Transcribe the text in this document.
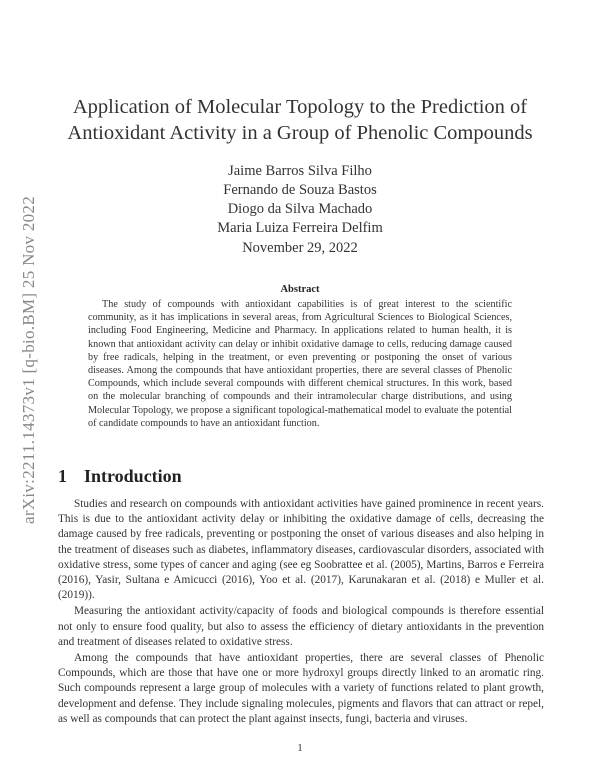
arXiv:2211.14373v1 [q-bio.BM] 25 Nov 2022
Application of Molecular Topology to the Prediction of Antioxidant Activity in a Group of Phenolic Compounds
Jaime Barros Silva Filho
Fernando de Souza Bastos
Diogo da Silva Machado
Maria Luiza Ferreira Delfim
November 29, 2022
Abstract

The study of compounds with antioxidant capabilities is of great interest to the scientific community, as it has implications in several areas, from Agricultural Sciences to Biological Sciences, including Food Engineering, Medicine and Pharmacy. In applications related to human health, it is known that antioxidant activity can delay or inhibit oxidative damage to cells, reducing damage caused by free radicals, helping in the treatment, or even preventing or postponing the onset of various diseases. Among the compounds that have antioxidant properties, there are several classes of Phenolic Compounds, which include several compounds with different chemical structures. In this work, based on the molecular branching of compounds and their intramolecular charge distributions, and using Molecular Topology, we propose a significant topological-mathematical model to evaluate the potential of candidate compounds to have an antioxidant function.

1 Introduction

Studies and research on compounds with antioxidant activities have gained prominence in recent years. This is due to the antioxidant activity delay or inhibiting the oxidative damage of cells, decreasing the damage caused by free radicals, preventing or postponing the onset of various diseases and also helping in the treatment of diseases such as diabetes, inflammatory diseases, cardiovascular disorders, associated with oxidative stress, some types of cancer and aging (see eg Soobrattee et al. (2005), Martins, Barros e Ferreira (2016), Yasir, Sultana e Amicucci (2016), Yoo et al. (2017), Karunakaran et al. (2018) e Muller et al. (2019)).

Measuring the antioxidant activity/capacity of foods and biological compounds is therefore essential not only to ensure food quality, but also to assess the efficiency of dietary antioxidants in the prevention and treatment of diseases related to oxidative stress.

Among the compounds that have antioxidant properties, there are several classes of Phenolic Compounds, which are those that have one or more hydroxyl groups directly linked to an aromatic ring. Such compounds represent a large group of molecules with a variety of functions related to plant growth, development and defense. They include signaling molecules, pigments and flavors that can attract or repel, as well as compounds that can protect the plant against insects, fungi, bacteria and viruses.

1
